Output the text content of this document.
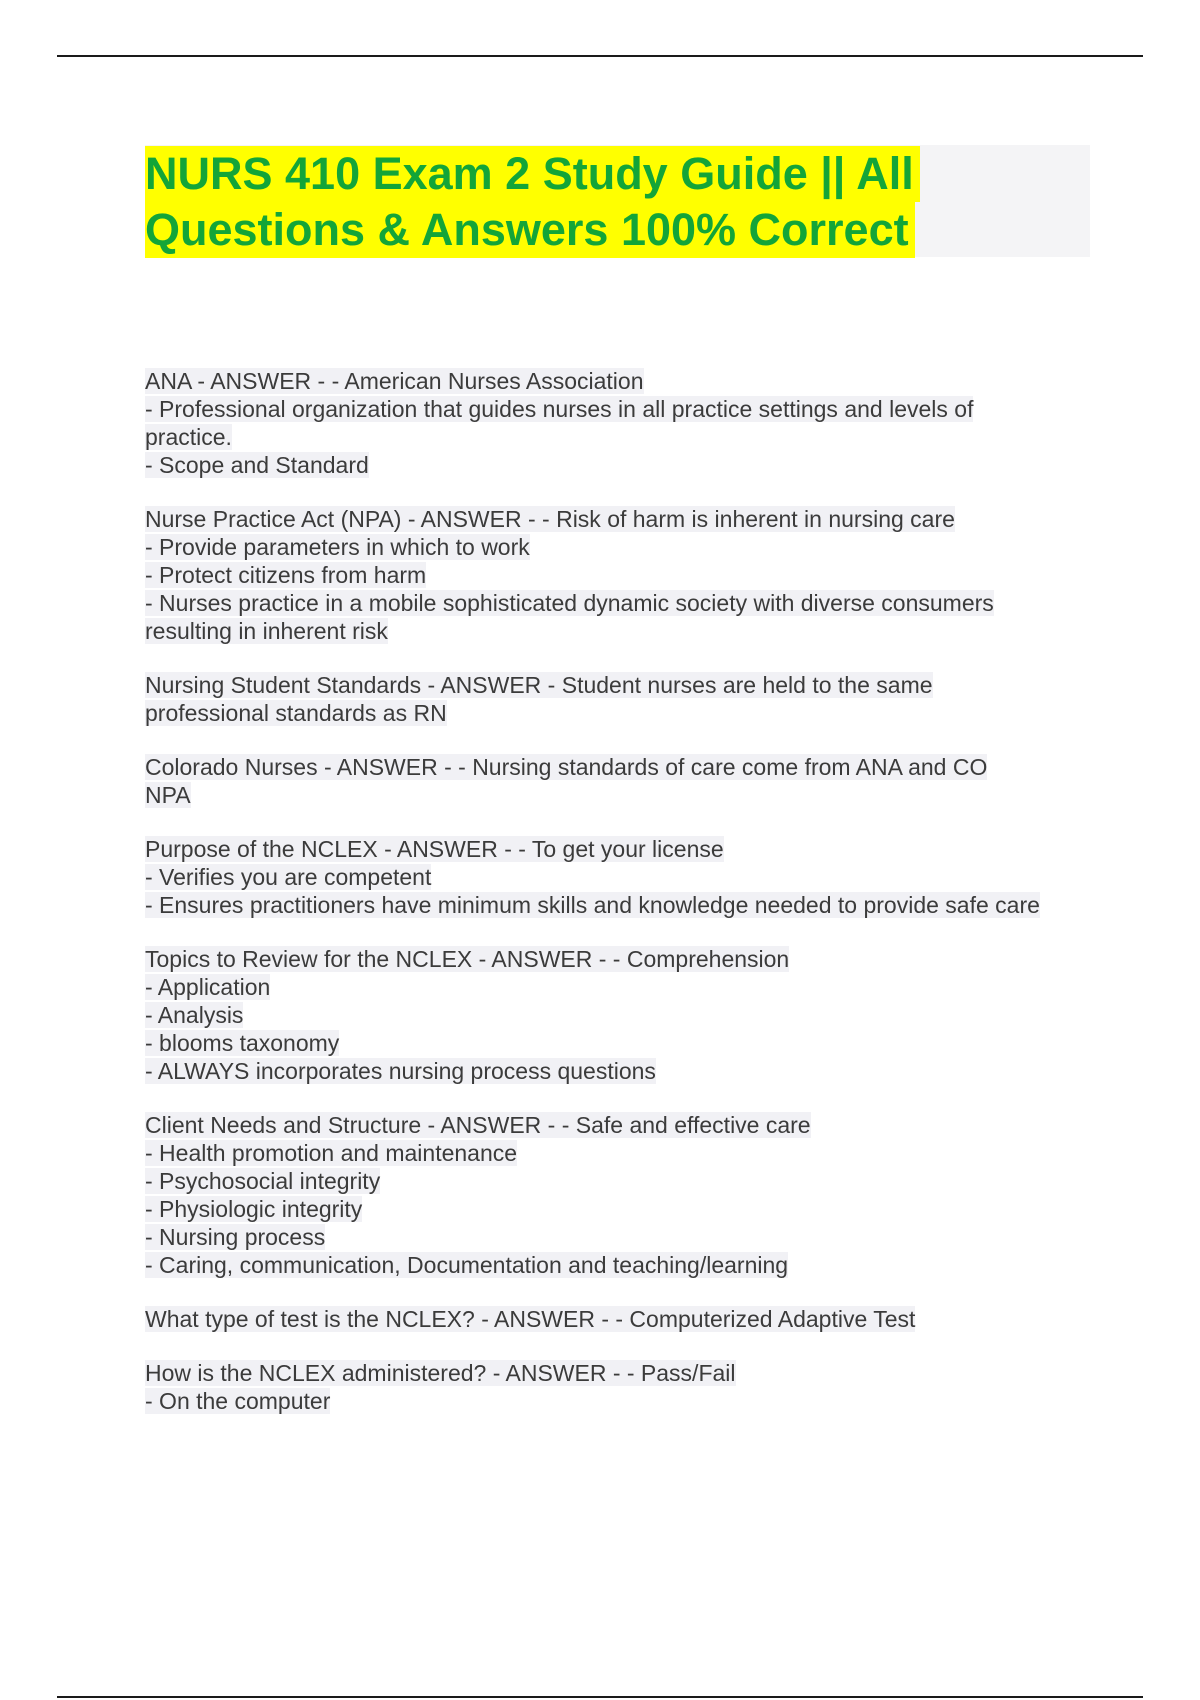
NURS 410 Exam 2 Study Guide || All
Questions & Answers 100% Correct
ANA - ANSWER - - American Nurses Association
- Professional organization that guides nurses in all practice settings and levels of
practice.
- Scope and Standard
Nurse Practice Act (NPA) - ANSWER - - Risk of harm is inherent in nursing care
- Provide parameters in which to work
- Protect citizens from harm
- Nurses practice in a mobile sophisticated dynamic society with diverse consumers
resulting in inherent risk
Nursing Student Standards - ANSWER - Student nurses are held to the same
professional standards as RN
Colorado Nurses - ANSWER - - Nursing standards of care come from ANA and CO
NPA
Purpose of the NCLEX - ANSWER - - To get your license
- Verifies you are competent
- Ensures practitioners have minimum skills and knowledge needed to provide safe care
Topics to Review for the NCLEX - ANSWER - - Comprehension
- Application
- Analysis
- blooms taxonomy
- ALWAYS incorporates nursing process questions
Client Needs and Structure - ANSWER - - Safe and effective care
- Health promotion and maintenance
- Psychosocial integrity
- Physiologic integrity
- Nursing process
- Caring, communication, Documentation and teaching/learning
What type of test is the NCLEX? - ANSWER - - Computerized Adaptive Test
How is the NCLEX administered? - ANSWER - - Pass/Fail
- On the computer
